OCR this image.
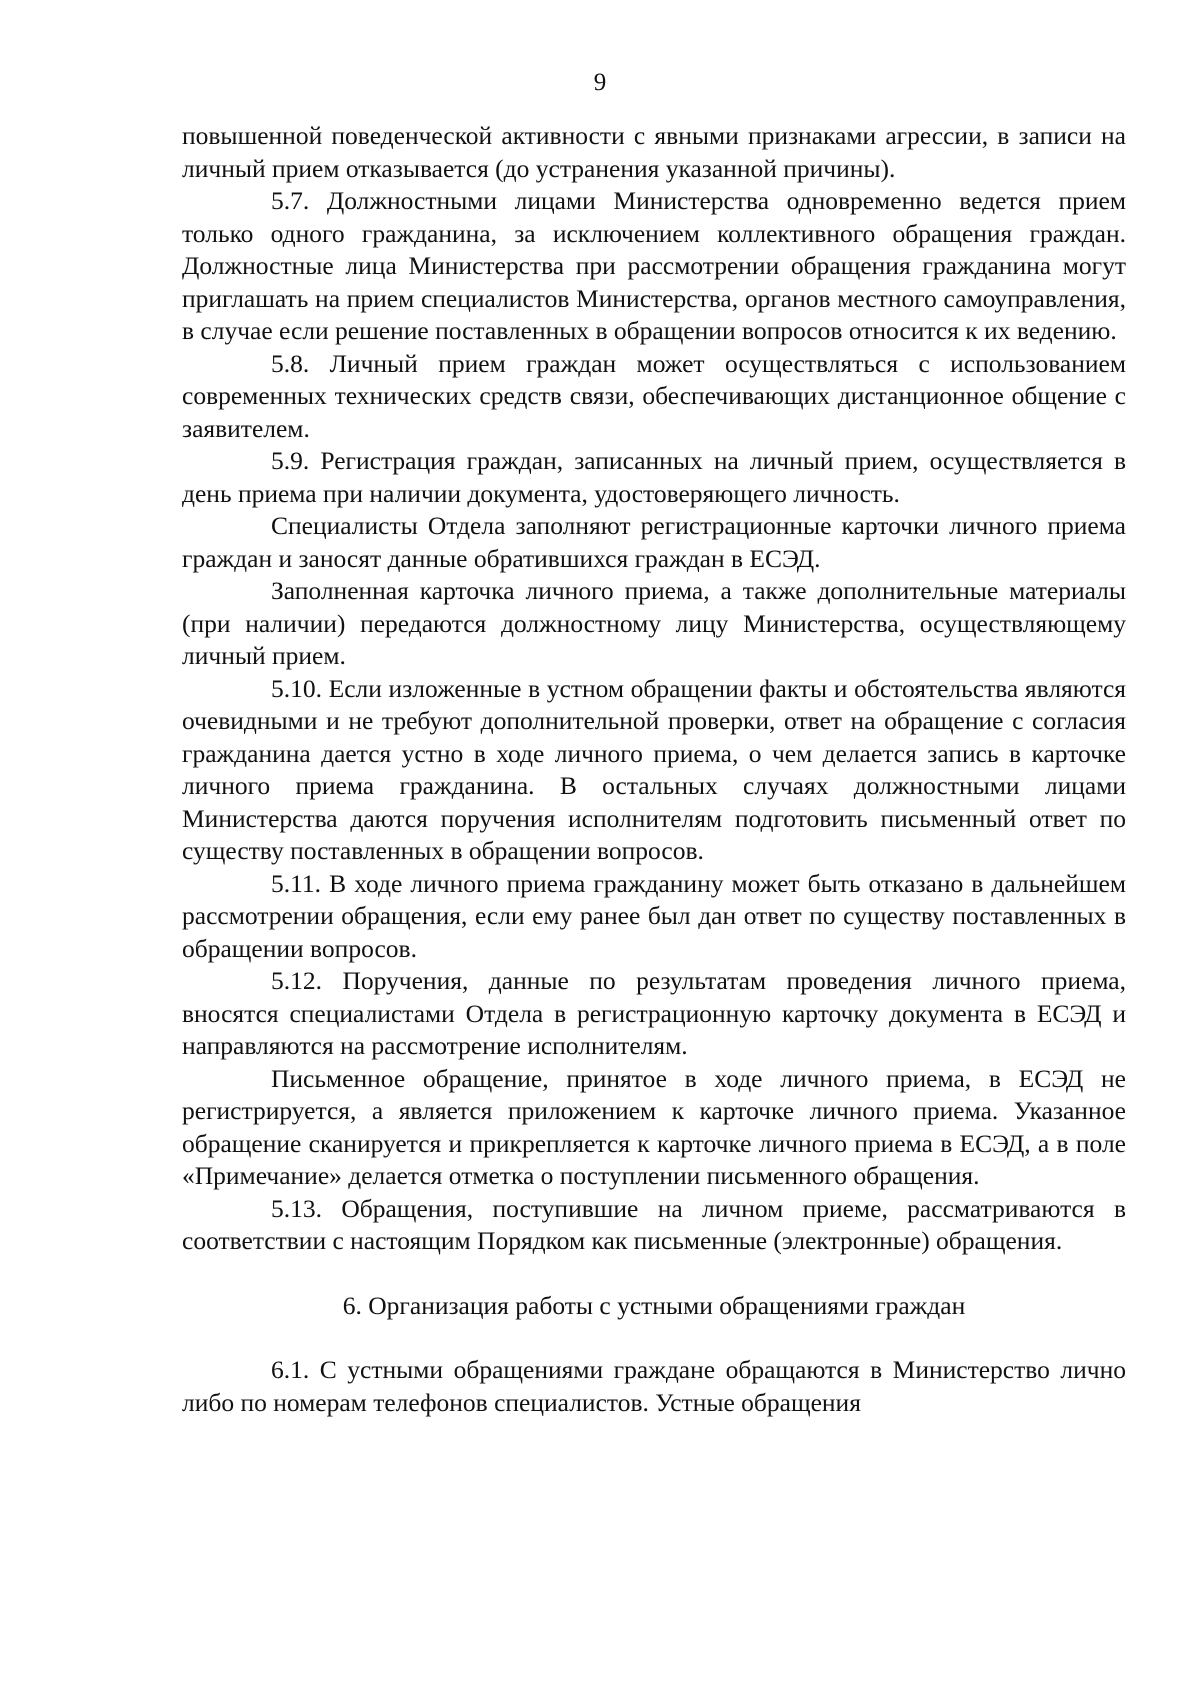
9

повышенной поведенческой активности с явными признаками агрессии, в записи на личный прием отказывается (до устранения указанной причины).

5.7. Должностными лицами Министерства одновременно ведется прием только одного гражданина, за исключением коллективного обращения граждан. Должностные лица Министерства при рассмотрении обращения гражданина могут приглашать на прием специалистов Министерства, органов местного самоуправления, в случае если решение поставленных в обращении вопросов относится к их ведению.

5.8. Личный прием граждан может осуществляться с использованием современных технических средств связи, обеспечивающих дистанционное общение с заявителем.

5.9. Регистрация граждан, записанных на личный прием, осуществляется в день приема при наличии документа, удостоверяющего личность.

Специалисты Отдела заполняют регистрационные карточки личного приема граждан и заносят данные обратившихся граждан в ЕСЭД.

Заполненная карточка личного приема, а также дополнительные материалы (при наличии) передаются должностному лицу Министерства, осуществляющему личный прием.

5.10. Если изложенные в устном обращении факты и обстоятельства являются очевидными и не требуют дополнительной проверки, ответ на обращение с согласия гражданина дается устно в ходе личного приема, о чем делается запись в карточке личного приема гражданина. В остальных случаях должностными лицами Министерства даются поручения исполнителям подготовить письменный ответ по существу поставленных в обращении вопросов.

5.11. В ходе личного приема гражданину может быть отказано в дальнейшем рассмотрении обращения, если ему ранее был дан ответ по существу поставленных в обращении вопросов.

5.12. Поручения, данные по результатам проведения личного приема, вносятся специалистами Отдела в регистрационную карточку документа в ЕСЭД и направляются на рассмотрение исполнителям.

Письменное обращение, принятое в ходе личного приема, в ЕСЭД не регистрируется, а является приложением к карточке личного приема. Указанное обращение сканируется и прикрепляется к карточке личного приема в ЕСЭД, а в поле «Примечание» делается отметка о поступлении письменного обращения.

5.13. Обращения, поступившие на личном приеме, рассматриваются в соответствии с настоящим Порядком как письменные (электронные) обращения.

6. Организация работы с устными обращениями граждан

6.1. С устными обращениями граждане обращаются в Министерство лично либо по номерам телефонов специалистов. Устные обращения
